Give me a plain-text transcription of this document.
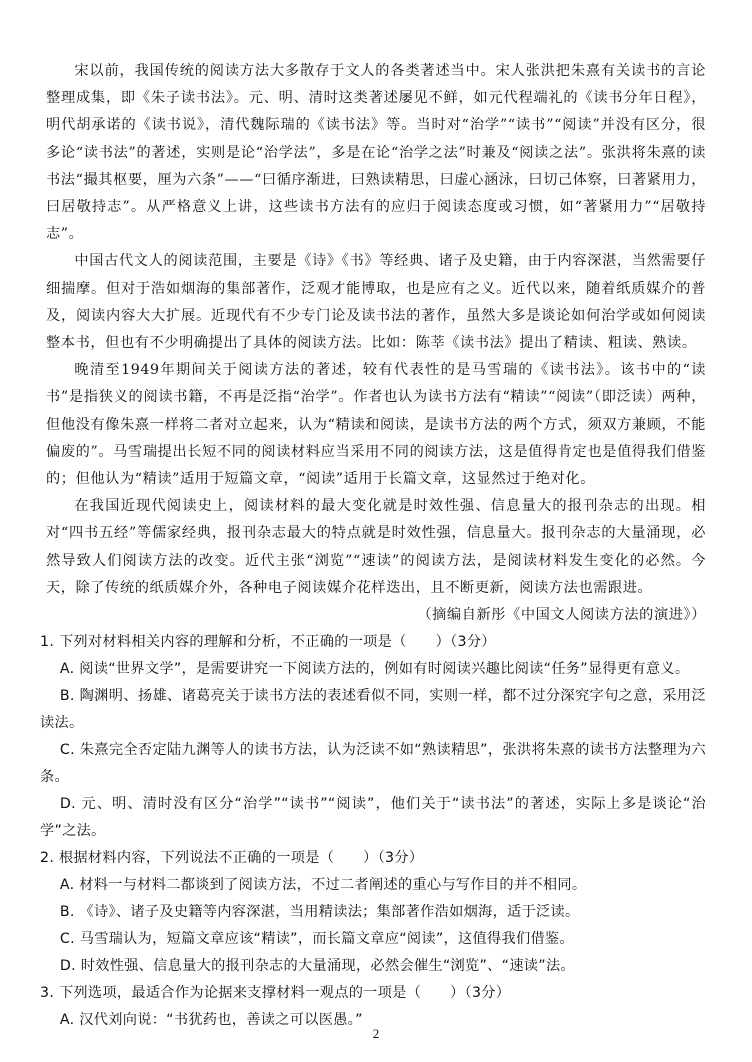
宋以前，我国传统的阅读方法大多散存于文人的各类著述当中。宋人张洪把朱熹有关读书的言论整理成集，即《朱子读书法》。元、明、清时这类著述屡见不鲜，如元代程端礼的《读书分年日程》，明代胡承诺的《读书说》，清代魏际瑞的《读书法》等。当时对“治学”“读书”“阅读”并没有区分，很多论“读书法”的著述，实则是论“治学法”，多是在论“治学之法”时兼及“阅读之法”。张洪将朱熹的读书法“撮其枢要，厘为六条”——“曰循序渐进，曰熟读精思，曰虚心涵泳，曰切己体察，曰著紧用力，曰居敬持志”。从严格意义上讲，这些读书方法有的应归于阅读态度或习惯，如“著紧用力”“居敬持志”。

中国古代文人的阅读范围，主要是《诗》《书》等经典、诸子及史籍，由于内容深湛，当然需要仔细揣摩。但对于浩如烟海的集部著作，泛观才能博取，也是应有之义。近代以来，随着纸质媒介的普及，阅读内容大大扩展。近现代有不少专门论及读书法的著作，虽然大多是谈论如何治学或如何阅读整本书，但也有不少明确提出了具体的阅读方法。比如：陈莘《读书法》提出了精读、粗读、熟读。

晚清至1949年期间关于阅读方法的著述，较有代表性的是马雪瑞的《读书法》。该书中的“读书”是指狭义的阅读书籍，不再是泛指“治学”。作者也认为读书方法有“精读”“阅读”（即泛读）两种，但他没有像朱熹一样将二者对立起来，认为“精读和阅读，是读书方法的两个方式，须双方兼顾，不能偏废的”。马雪瑞提出长短不同的阅读材料应当采用不同的阅读方法，这是值得肯定也是值得我们借鉴的；但他认为“精读”适用于短篇文章，“阅读”适用于长篇文章，这显然过于绝对化。

在我国近现代阅读史上，阅读材料的最大变化就是时效性强、信息量大的报刊杂志的出现。相对“四书五经”等儒家经典，报刊杂志最大的特点就是时效性强，信息量大。报刊杂志的大量涌现，必然导致人们阅读方法的改变。近代主张“浏览”“速读”的阅读方法，是阅读材料发生变化的必然。今天，除了传统的纸质媒介外，各种电子阅读媒介花样迭出，且不断更新，阅读方法也需跟进。

（摘编自新彤《中国文人阅读方法的演进》）

1. 下列对材料相关内容的理解和分析，不正确的一项是（　　）（3分）

A. 阅读“世界文学”，是需要讲究一下阅读方法的，例如有时阅读兴趣比阅读“任务”显得更有意义。

B. 陶渊明、扬雄、诸葛亮关于读书方法的表述看似不同，实则一样，都不过分深究字句之意，采用泛读法。

C. 朱熹完全否定陆九渊等人的读书方法，认为泛读不如“熟读精思”，张洪将朱熹的读书方法整理为六条。

D. 元、明、清时没有区分“治学”“读书”“阅读”，他们关于“读书法”的著述，实际上多是谈论“治学”之法。

2. 根据材料内容，下列说法不正确的一项是（　　）（3分）

A. 材料一与材料二都谈到了阅读方法，不过二者阐述的重心与写作目的并不相同。

B. 《诗》、诸子及史籍等内容深湛，当用精读法；集部著作浩如烟海，适于泛读。

C. 马雪瑞认为，短篇文章应该“精读”，而长篇文章应“阅读”，这值得我们借鉴。

D. 时效性强、信息量大的报刊杂志的大量涌现，必然会催生“浏览”、“速读”法。

3. 下列选项，最适合作为论据来支撑材料一观点的一项是（　　）（3分）

A. 汉代刘向说：“书犹药也，善读之可以医愚。”

2
